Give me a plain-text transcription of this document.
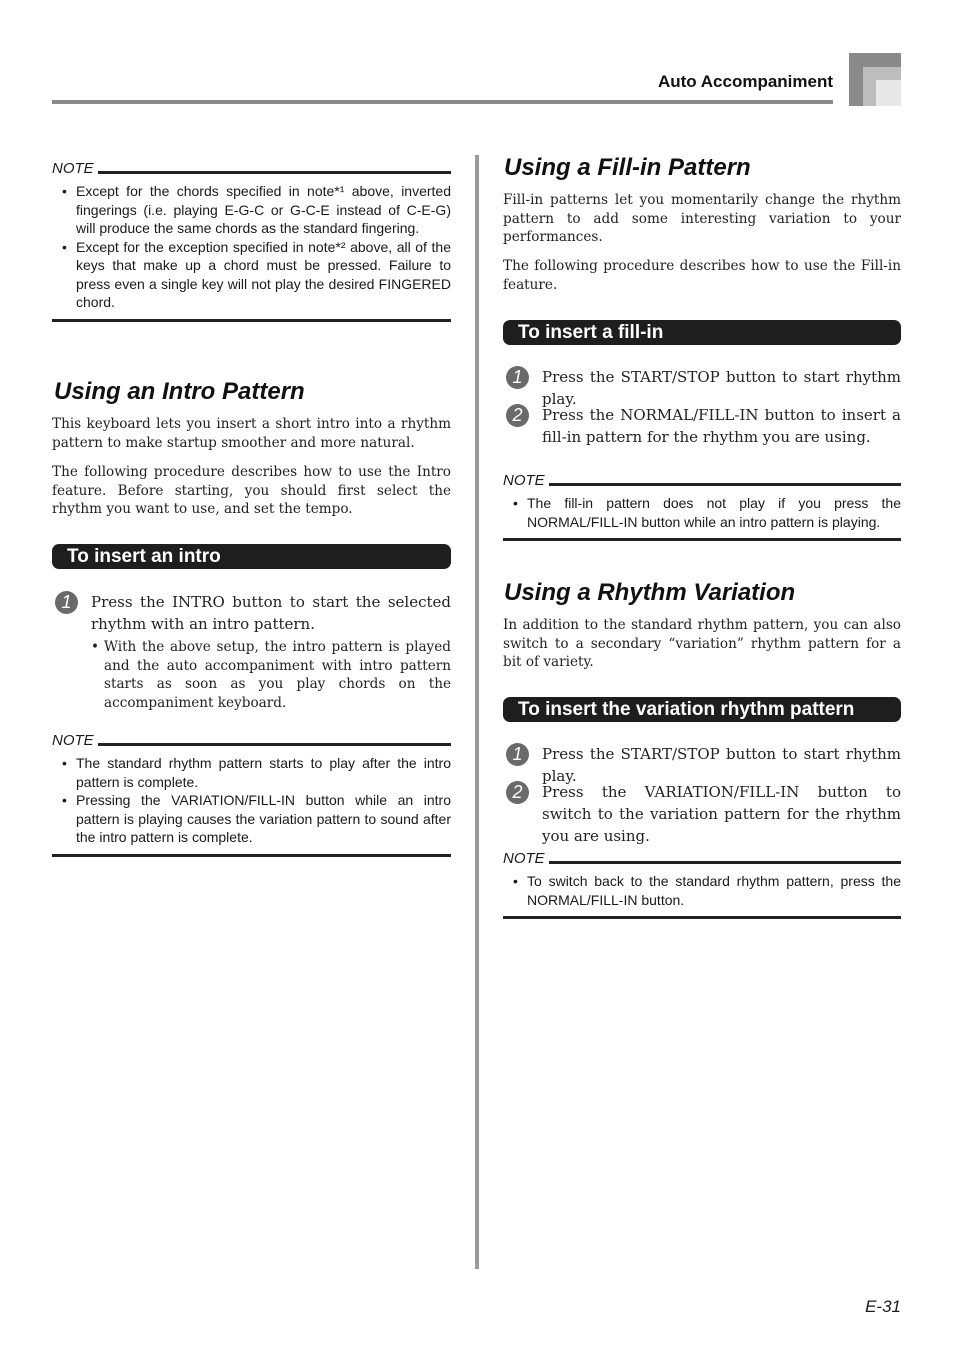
Auto Accompaniment
NOTE
• Except for the chords specified in note*¹ above, inverted fingerings (i.e. playing E-G-C or G-C-E instead of C-E-G) will produce the same chords as the standard fingering.
• Except for the exception specified in note*² above, all of the keys that make up a chord must be pressed. Failure to press even a single key will not play the desired FINGERED chord.
Using an Intro Pattern
This keyboard lets you insert a short intro into a rhythm pattern to make startup smoother and more natural.
The following procedure describes how to use the Intro feature. Before starting, you should first select the rhythm you want to use, and set the tempo.
To insert an intro
1	Press the INTRO button to start the selected rhythm with an intro pattern.
• With the above setup, the intro pattern is played and the auto accompaniment with intro pattern starts as soon as you play chords on the accompaniment keyboard.
NOTE
• The standard rhythm pattern starts to play after the intro pattern is complete.
• Pressing the VARIATION/FILL-IN button while an intro pattern is playing causes the variation pattern to sound after the intro pattern is complete.
Using a Fill-in Pattern
Fill-in patterns let you momentarily change the rhythm pattern to add some interesting variation to your performances.
The following procedure describes how to use the Fill-in feature.
To insert a fill-in
1	Press the START/STOP button to start rhythm play.
2	Press the NORMAL/FILL-IN button to insert a fill-in pattern for the rhythm you are using.
NOTE
• The fill-in pattern does not play if you press the NORMAL/FILL-IN button while an intro pattern is playing.
Using a Rhythm Variation
In addition to the standard rhythm pattern, you can also switch to a secondary “variation” rhythm pattern for a bit of variety.
To insert the variation rhythm pattern
1	Press the START/STOP button to start rhythm play.
2	Press the VARIATION/FILL-IN button to switch to the variation pattern for the rhythm you are using.
NOTE
• To switch back to the standard rhythm pattern, press the NORMAL/FILL-IN button.
E-31
